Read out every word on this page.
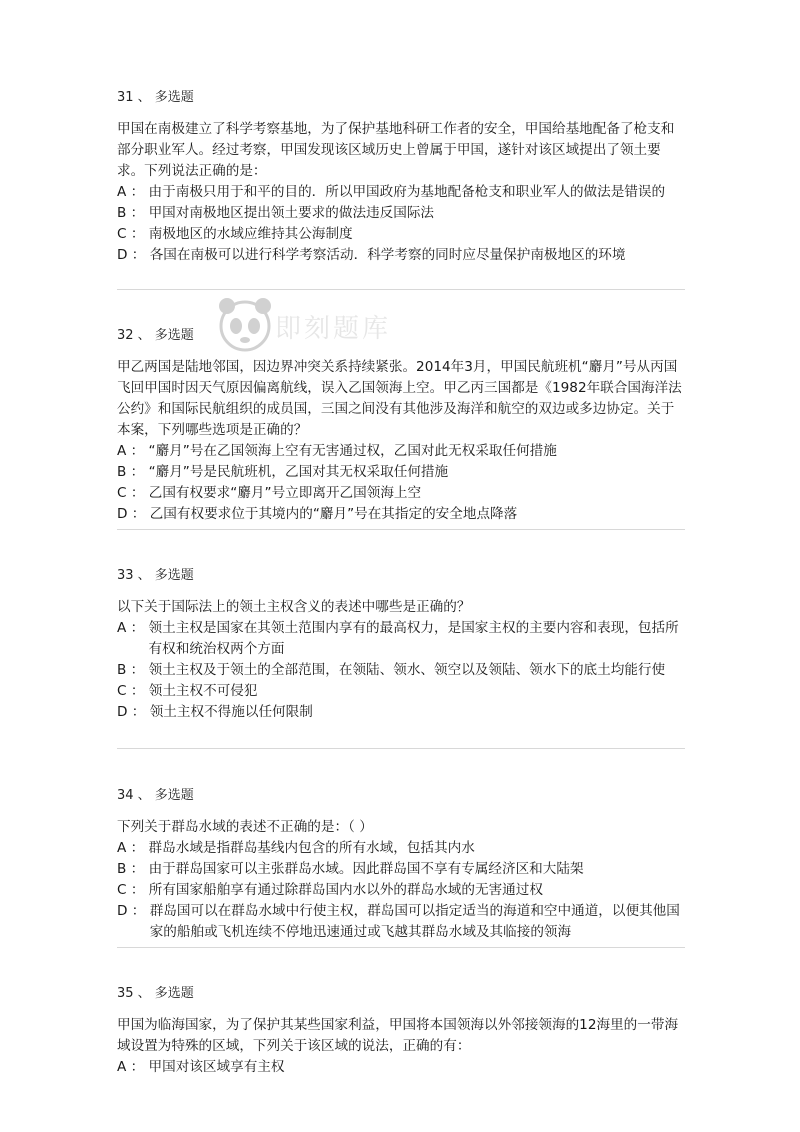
即刻题库
31 、 多选题

甲国在南极建立了科学考察基地，为了保护基地科研工作者的安全，甲国给基地配备了枪支和部分职业军人。经过考察，甲国发现该区域历史上曾属于甲国，遂针对该区域提出了领土要求。下列说法正确的是：

A ： 由于南极只用于和平的目的．所以甲国政府为基地配备枪支和职业军人的做法是错误的

B ： 甲国对南极地区提出领土要求的做法违反国际法

C ： 南极地区的水域应维持其公海制度

D ： 各国在南极可以进行科学考察活动．科学考察的同时应尽量保护南极地区的环境

32 、 多选题

甲乙两国是陆地邻国，因边界冲突关系持续紧张。2014年3月，甲国民航班机“麝月”号从丙国飞回甲国时因天气原因偏离航线，误入乙国领海上空。甲乙丙三国都是《1982年联合国海洋法公约》和国际民航组织的成员国，三国之间没有其他涉及海洋和航空的双边或多边协定。关于本案，下列哪些选项是正确的？

A ： “麝月”号在乙国领海上空有无害通过权，乙国对此无权采取任何措施

B ： “麝月”号是民航班机，乙国对其无权采取任何措施

C ： 乙国有权要求“麝月”号立即离开乙国领海上空

D ： 乙国有权要求位于其境内的“麝月”号在其指定的安全地点降落

33 、 多选题

以下关于国际法上的领土主权含义的表述中哪些是正确的？

A ： 领土主权是国家在其领土范围内享有的最高权力，是国家主权的主要内容和表现，包括所有权和统治权两个方面

B ： 领土主权及于领土的全部范围，在领陆、领水、领空以及领陆、领水下的底土均能行使

C ： 领土主权不可侵犯

D ： 领土主权不得施以任何限制

34 、 多选题

下列关于群岛水域的表述不正确的是：（ ）

A ： 群岛水域是指群岛基线内包含的所有水域，包括其内水

B ： 由于群岛国家可以主张群岛水域。因此群岛国不享有专属经济区和大陆架

C ： 所有国家船舶享有通过除群岛国内水以外的群岛水域的无害通过权

D ： 群岛国可以在群岛水域中行使主权，群岛国可以指定适当的海道和空中通道，以便其他国家的船舶或飞机连续不停地迅速通过或飞越其群岛水域及其临接的领海

35 、 多选题

甲国为临海国家，为了保护其某些国家利益，甲国将本国领海以外邻接领海的12海里的一带海域设置为特殊的区域，下列关于该区域的说法，正确的有：

A ： 甲国对该区域享有主权
